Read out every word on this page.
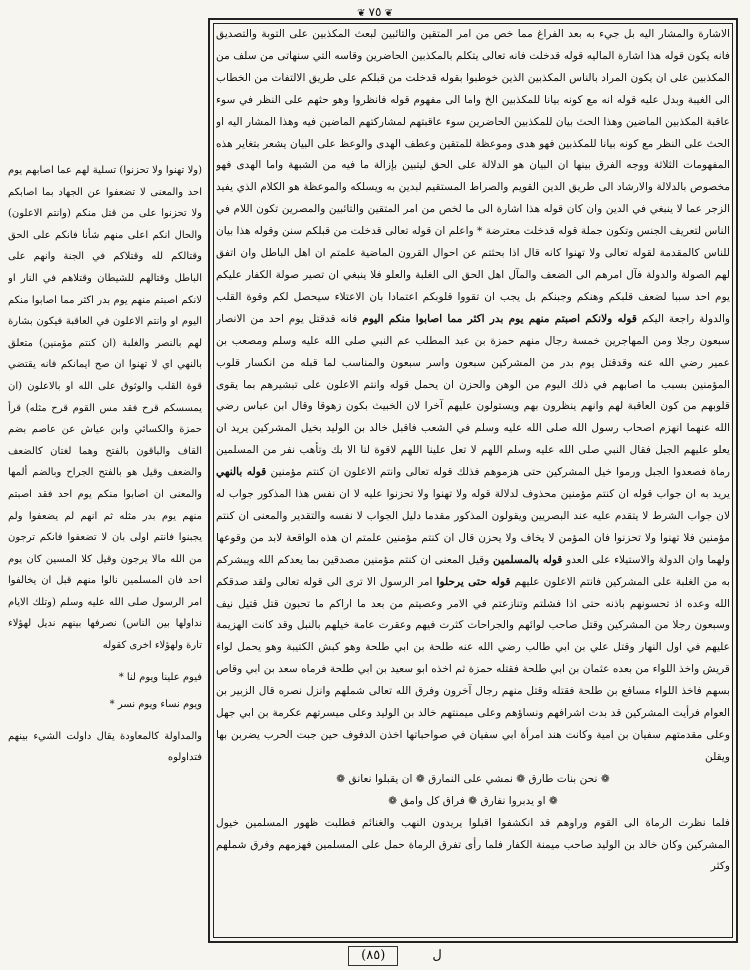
❦ ٧٥ ❦

الاشارة والمشار اليه بل جيء به بعد الفراغ مما خص من امر المتقين والتائبين لبعث المكذبين على التوبة والتصديق فانه يكون قوله هذا اشارة الماليه قوله قدخلت فانه تعالى يتكلم بالمكذبين الحاضرين وقاسه التي سنهاتى من سلف من المكذبين على ان يكون المراد بالناس المكذبين الذين خوطبوا بقوله قدخلت من قبلكم على طريق الالتفات من الخطاب الى الغيبة وبدل عليه قوله انه مع كونه بيانا للمكذبين الخ واما الى مفهوم قوله فانظروا وهو حثهم على النظر في سوء عاقبة المكذبين الماضين وهذا الحث بيان للمكذبين الحاضرين سوء عاقبتهم لمشاركتهم الماضين فيه وهذا المشار اليه او الحث على النظر مع كونه بيانا للمكذبين فهو هدى وموعظة للمتقين وعطف الهدى والوعظ على البيان يشعر بتغاير هذه المفهومات الثلاثة ووجه الفرق بينها ان البيان هو الدلالة على الحق ليتبين بإزالة ما فيه من الشبهة واما الهدى فهو مخصوص بالدلالة والارشاد الى طريق الدين القويم والصراط المستقيم لبدين به ويسلكه والموعظة هو الكلام الذي يفيد الزجر عما لا ينبغي في الدين وان كان قوله هذا اشارة الى ما لخص من امر المتقين والتائبين والمصرين تكون اللام في الناس لتعريف الجنس وتكون جملة قوله قدخلت معترضة * واعلم ان قوله تعالى قدخلت من قبلكم سنن وقوله هذا بيان للناس كالمقدمة لقوله تعالى ولا تهنوا كانه قال اذا بحثتم عن احوال القرون الماضية علمتم ان اهل الباطل وان اتفق لهم الصولة والدولة فآل امرهم الى الضعف والمآل اهل الحق الى الغلبة والعلو فلا ينبغي ان تصير صولة الكفار عليكم يوم احد سببا لضعف قلبكم وهنكم وجبنكم بل يجب ان تقووا قلوبكم اعتمادا بان الاعتلاء سيحصل لكم وقوة القلب والدولة راجعة اليكم قوله ولانكم اصبتم منهم يوم بدر اكثر مما اصابوا منكم اليوم فانه قدقتل يوم احد من الانصار سبعون رجلا ومن المهاجرين خمسة رجال منهم حمزة بن عبد المطلب عم النبي صلى الله عليه وسلم ومصعب بن عمير رضي الله عنه وقدقتل يوم بدر من المشركين سبعون واسر سبعون والمناسب لما قبله من انكسار قلوب المؤمنين بسبب ما اصابهم في ذلك اليوم من الوهن والحزن ان يحمل قوله وانتم الاعلون على تبشيرهم بما يقوى قلوبهم من كون العاقبة لهم وانهم ينظرون بهم ويستولون عليهم آخرا لان الخبيث بكون زهوقا وقال ابن عباس رضي الله عنهما انهزم اصحاب رسول الله صلى الله عليه وسلم في الشعب فاقبل خالد بن الوليد بخيل المشركين يريد ان يعلو عليهم الجبل فقال النبي صلى الله عليه وسلم اللهم لا تعل علينا اللهم لاقوة لنا الا بك وتأهب نفر من المسلمين رماة فصعدوا الجبل ورموا خيل المشركين حتى هزموهم فذلك قوله تعالى وانتم الاعلون ان كنتم مؤمنين قوله بالنهي يريد به ان جواب قوله ان كنتم مؤمنين محذوف لدلالة قوله ولا تهنوا ولا تحزنوا عليه لا ان نفس هذا المذكور جواب له لان جواب الشرط لا يتقدم عليه عند البصريين ويقولون المذكور مقدما دليل الجواب لا نفسه والتقدير والمعنى ان كنتم مؤمنين فلا تهنوا ولا تحزنوا فان المؤمن لا يخاف ولا يحزن قال ان كنتم مؤمنين علمتم ان هذه الواقعة لابد من وقوعها ولهما وان الدولة والاستيلاء على العدو قوله بالمسلمين وقيل المعنى ان كنتم مؤمنين مصدقين بما يعدكم الله ويبشركم به من الغلبة على المشركين فانتم الاعلون عليهم قوله حتى يرحلوا امر الرسول الا ترى الى قوله تعالى ولقد صدقكم الله وعده اذ تحسونهم باذنه حتى اذا فشلتم وتنازعتم في الامر وعصيتم من بعد ما اراكم ما تحبون قتل قتيل نيف وسبعون رجلا من المشركين وقتل صاحب لوائهم والجراحات كثرت فيهم وعقرت عامة خيلهم بالنبل وقد كانت الهزيمة عليهم في اول النهار وقتل علي بن ابي طالب رضي الله عنه طلحة بن ابي طلحة وهو كبش الكتيبة وهو يحمل لواء قريش واخذ اللواء من بعده عثمان بن ابي طلحة فقتله حمزة ثم اخذه ابو سعيد بن ابي طلحة فرماه سعد بن ابي وقاص بسهم فاخذ اللواء مسافع بن طلحة فقتله وقتل منهم رجال آخرون وفرق الله تعالى شملهم وانزل نصره قال الزبير بن العوام فرأيت المشركين قد بدت اشرافهم ونساؤهم وعلى ميمنتهم خالد بن الوليد وعلى ميسرتهم عكرمة بن ابي جهل وعلى مقدمتهم سفيان بن امية وكانت هند امرأة ابي سفيان في صواحباتها اخذن الدفوف حين جبت الحرب يضربن بها ويقلن

❁ نحن بنات طارق ❁ نمشي على النمارق ❁ ان يقبلوا نعانق ❁

❁ او يدبروا نفارق ❁ فراق كل وامق ❁

فلما نظرت الرماة الى القوم وراوهم قد انكشفوا اقبلوا يريدون النهب والغنائم فطلبت ظهور المسلمين خيول المشركين وكان خالد بن الوليد صاحب ميمنة الكفار فلما رأى تفرق الرماة حمل على المسلمين فهزمهم وفرق شملهم وكثر

(ولا تهنوا ولا تحزنوا) تسلية لهم عما اصابهم يوم احد والمعنى لا تضعفوا عن الجهاد بما اصابكم ولا تحزنوا على من قتل منكم (وانتم الاعلون) والحال انكم اعلى منهم شأنا فانكم على الحق وقتالكم لله وقتلاكم في الجنة وانهم على الباطل وقتالهم للشيطان وقتلاهم في النار او لانكم اصبتم منهم يوم بدر اكثر مما اصابوا منكم اليوم او وانتم الاعلون في العاقبة فيكون بشارة لهم بالنصر والغلبة (ان كنتم مؤمنين) متعلق بالنهي اي لا تهنوا ان صح ايمانكم فانه يقتضي قوة القلب والوثوق على الله او بالاعلون (ان يمسسكم قرح فقد مس القوم قرح مثله) قرأ حمزة والكسائي وابن عياش عن عاصم بضم القاف والباقون بالفتح وهما لغتان كالضعف والضعف وقيل هو بالفتح الجراح وبالضم ألمها والمعنى ان اصابوا منكم يوم احد فقد اصبتم منهم يوم بدر مثله ثم انهم لم يضعفوا ولم يجبنوا فانتم اولى بان لا تضعفوا فانكم ترجون من الله مالا يرجون وقيل كلا المسين كان يوم احد فان المسلمين نالوا منهم قبل ان يخالفوا امر الرسول صلى الله عليه وسلم (وتلك الايام نداولها بين الناس) نصرفها بينهم نديل لهؤلاء تارة ولهؤلاء اخرى كقوله

فيوم علينا ويوم لنا *

ويوم نساء ويوم نسر *

والمداولة كالمعاودة يقال داولت الشيء بينهم فتداولوه

(٨٥)	ل
